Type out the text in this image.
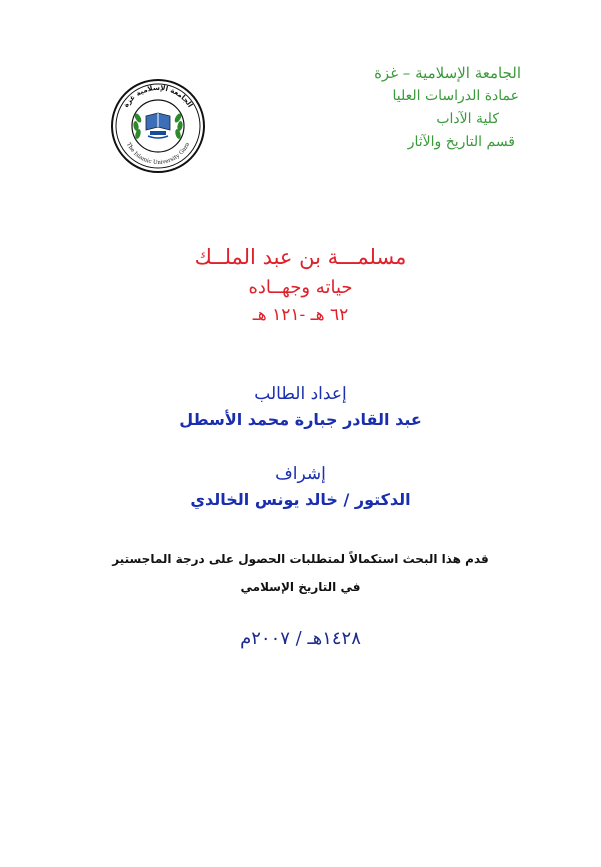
الجامعة الإسلامية – غزة
عمادة الدراسات العليا
كلية الآداب
قسم التاريخ والآثار
الجامعة الإسلامية غزة
The Islamic University Gaza
مسلمـــة بن عبد الملــك
حياته وجهــاده
٦٢ هـ -١٢١ هـ
إعداد الطالب
عبد القادر جبارة محمد الأسطل
إشراف
الدكتور / خالد يونس الخالدي
قدم هذا البحث استكمالاً لمتطلبات الحصول على درجة الماجستير
في التاريخ الإسلامي
١٤٢٨هـ / ٢٠٠٧م
